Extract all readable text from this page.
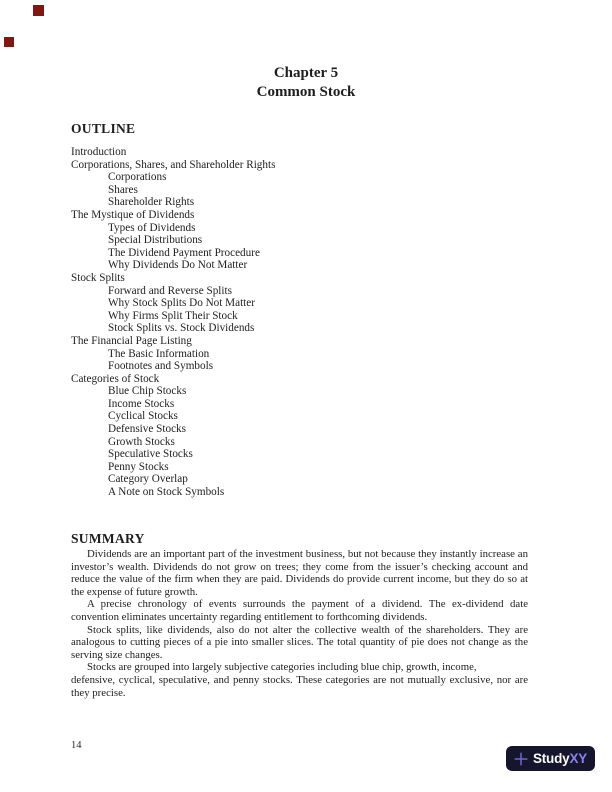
Chapter 5
Common Stock
OUTLINE
Introduction
Corporations, Shares, and Shareholder Rights
Corporations
Shares
Shareholder Rights
The Mystique of Dividends
Types of Dividends
Special Distributions
The Dividend Payment Procedure
Why Dividends Do Not Matter
Stock Splits
Forward and Reverse Splits
Why Stock Splits Do Not Matter
Why Firms Split Their Stock
Stock Splits vs. Stock Dividends
The Financial Page Listing
The Basic Information
Footnotes and Symbols
Categories of Stock
Blue Chip Stocks
Income Stocks
Cyclical Stocks
Defensive Stocks
Growth Stocks
Speculative Stocks
Penny Stocks
Category Overlap
A Note on Stock Symbols
SUMMARY

Dividends are an important part of the investment business, but not because they instantly increase an investor’s wealth. Dividends do not grow on trees; they come from the issuer’s checking account and reduce the value of the firm when they are paid. Dividends do provide current income, but they do so at the expense of future growth.

A precise chronology of events surrounds the payment of a dividend. The ex-dividend date convention eliminates uncertainty regarding entitlement to forthcoming dividends.

Stock splits, like dividends, also do not alter the collective wealth of the shareholders. They are analogous to cutting pieces of a pie into smaller slices. The total quantity of pie does not change as the serving size changes.

Stocks are grouped into largely subjective categories including blue chip, growth, income,
defensive, cyclical, speculative, and penny stocks. These categories are not mutually exclusive, nor are they precise.

14
StudyXY
